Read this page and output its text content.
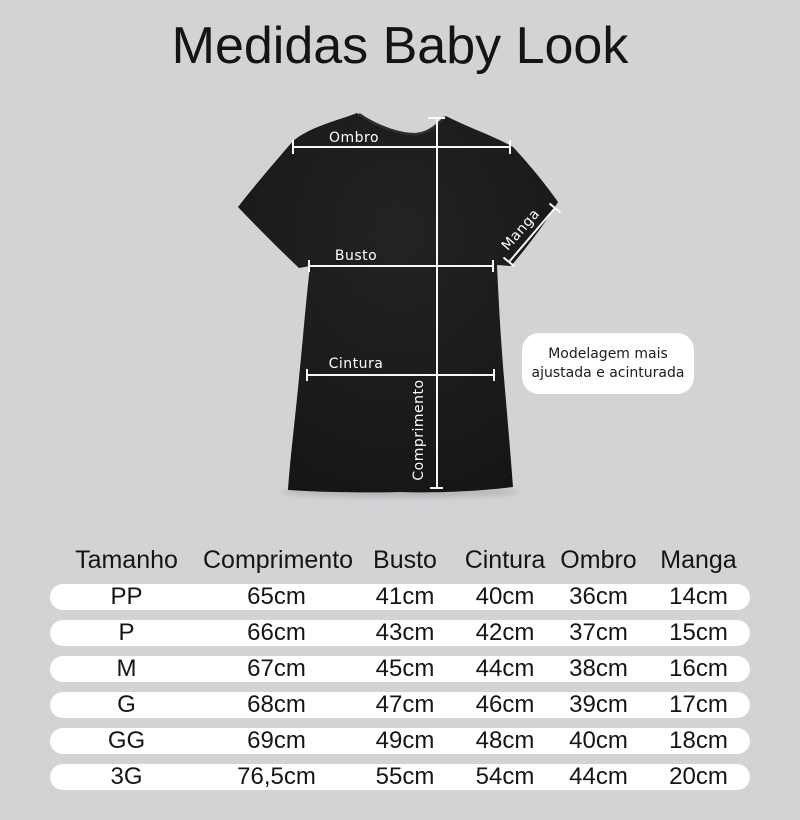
Medidas Baby Look
Ombro
Busto
Cintura
Manga
Comprimento
Modelagem mais
ajustada e acinturada
Tamanho	Comprimento Busto	Cintura Ombro Manga
PP	65cm	41cm	40cm	36cm	14cm
P	66cm	43cm	42cm	37cm	15cm
M	67cm	45cm	44cm	38cm	16cm
G	68cm	47cm	46cm	39cm	17cm
GG	69cm	49cm	48cm	40cm	18cm
3G	76,5cm	55cm	54cm	44cm	20cm
